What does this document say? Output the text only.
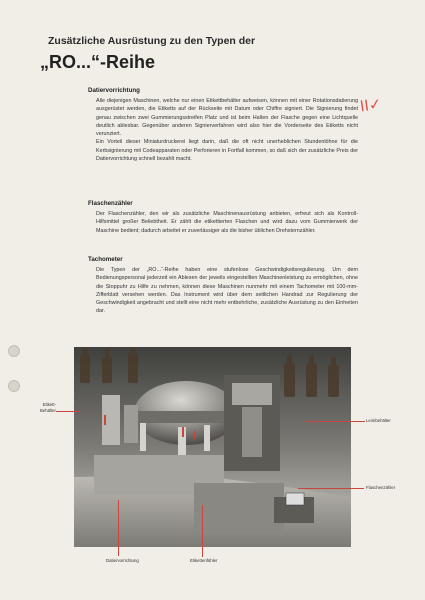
Zusätzliche Ausrüstung zu den Typen der
„RO...“-Reihe
II✓
Datiervorrichtung

Alle diejenigen Maschinen, welche nur einen Etikettbehälter aufweisen, können mit einer Rotationsdatierung ausgerüstet werden, die Etiketts auf der Rückseite mit Datum oder Chiffre signiert. Die Signierung findet genau zwischen zwei Gummierungsstreifen Platz und ist beim Halten der Flasche gegen eine Lichtquelle deutlich ablesbar. Gegenüber anderen Signierverfahren wird also hier die Vorderseite des Etiketts nicht verunziert.

Ein Vorteil dieser Miniaturdruckerei liegt darin, daß die oft nicht unerheblichen Stundenlöhne für die Kerbsignierung mit Codeapparaten oder Perforieren in Fortfall kommen, so daß sich der zusätzliche Preis der Datiervorrichtung schnell bezahlt macht.

Flaschenzähler

Der Flaschenzähler, den wir als zusätzliche Maschinenausrüstung anbieten, erfreut sich als Kontroll-Hilfsmittel großer Beliebtheit. Er zählt die etikettierten Flaschen und wird dazu vom Gummierwerk der Maschine bedient; dadurch arbeitet er zuverlässiger als die bisher üblichen Drehsternzähler.

Tachometer

Die Typen der „RO...“-Reihe haben eine stufenlose Geschwindigkeitsregulierung. Um dem Bedienungspersonal jederzeit ein Ablesen der jeweils eingestellten Maschinenleistung zu ermöglichen, ohne die Stoppuhr zu Hilfe zu nehmen, können diese Maschinen nunmehr mit einem Tachometer mit 100-mm-Zifferblatt versehen werden. Das Instrument wird über dem seitlichen Handrad zur Regulierung der Geschwindigkeit angebracht und stellt eine nicht mehr entbehrliche, zusätzliche Ausrüstung zu den Einheiten dar.

Etikett-
Behälter
Leimbehälter
Flaschenzähler
Datiervorrichtung	Etikettenfühler
